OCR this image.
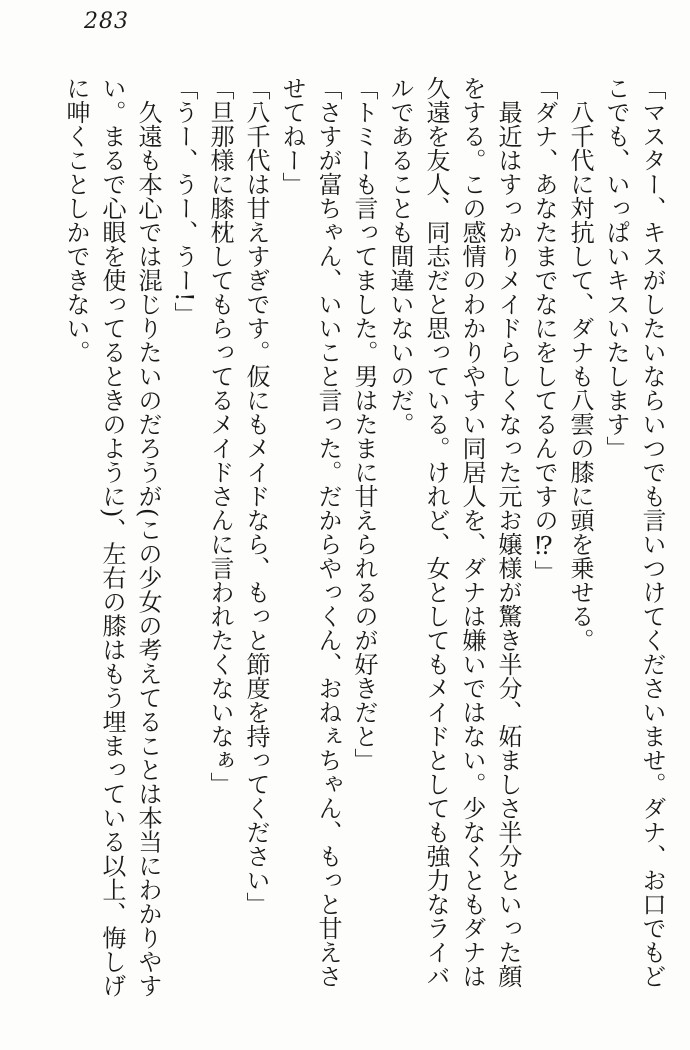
283

「マスター、キスがしたいならいつでも言いつけてくださいませ。ダナ、お口でもどこでも、いっぱいキスいたします」

八千代に対抗して、ダナも八雲の膝に頭を乗せる。

「ダナ、あなたまでなにをしてるんですの⁉」

最近はすっかりメイドらしくなった元お嬢様が驚き半分、妬ましさ半分といった顔をする。この感情のわかりやすい同居人を、ダナは嫌いではない。少なくともダナは久遠を友人、同志だと思っている。けれど、女としてもメイドとしても強力なライバルであることも間違いないのだ。

「トミーも言ってました。男はたまに甘えられるのが好きだと」

「さすが富ちゃん、いいこと言った。だからやっくん、おねぇちゃん、もっと甘えさせてねー」

「八千代は甘えすぎです。仮にもメイドなら、もっと節度を持ってください」

「旦那様に膝枕してもらってるメイドさんに言われたくないなぁ」

「うー、うー、うー!」

久遠も本心では混じりたいのだろうが(この少女の考えてることは本当にわかりやすい。まるで心眼を使ってるときのように)、左右の膝はもう埋まっている以上、悔しげに呻くことしかできない。
